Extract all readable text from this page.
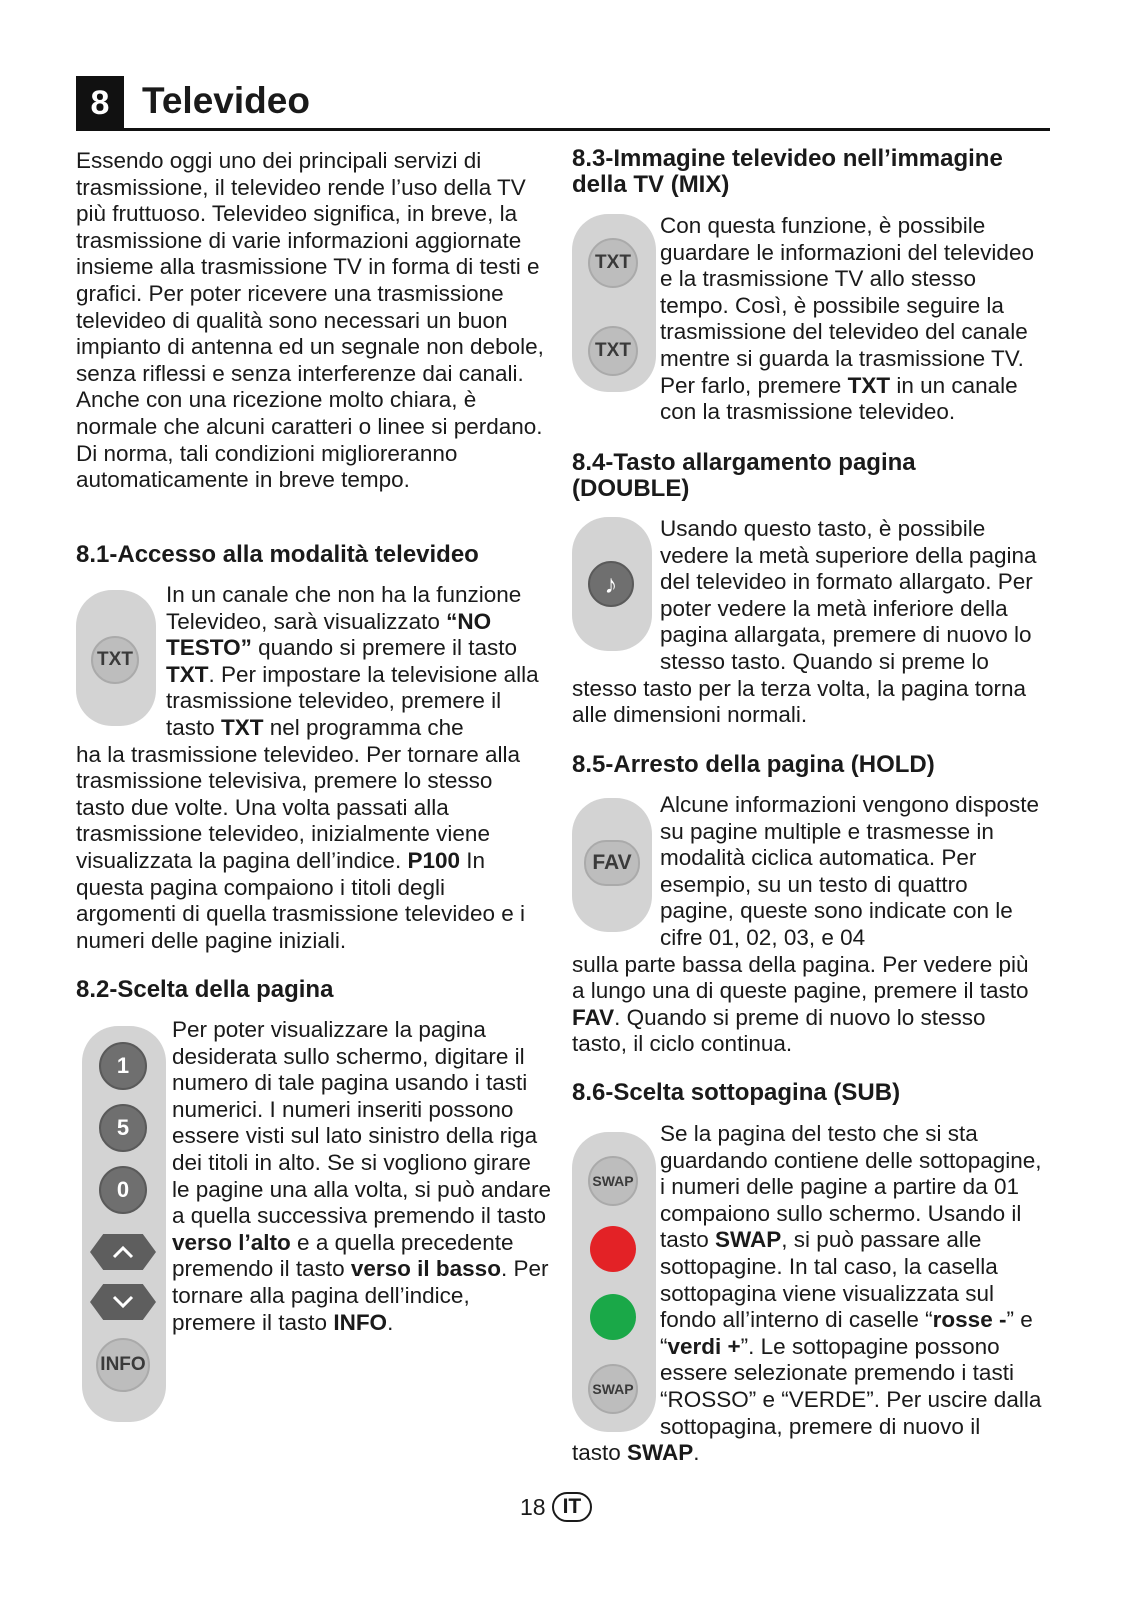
8 Televideo

Essendo oggi uno dei principali servizi di trasmissione, il televideo rende l’uso della TV più fruttuoso. Televideo significa, in breve, la trasmissione di varie informazioni aggiornate insieme alla trasmissione TV in forma di testi e grafici. Per poter ricevere una trasmissione televideo di qualità sono necessari un buon impianto di antenna ed un segnale non debole, senza riflessi e senza interferenze dai canali. Anche con una ricezione molto chiara, è normale che alcuni caratteri o linee si perdano. Di norma, tali condizioni miglioreranno automaticamente in breve tempo.

8.1-Accesso alla modalità televideo
TXT

In un canale che non ha la funzione Televideo, sarà visualizzato “NO TESTO” quando si premere il tasto TXT. Per impostare la televisione alla trasmissione televideo, premere il tasto TXT nel programma che

ha la trasmissione televideo. Per tornare alla trasmissione televisiva, premere lo stesso tasto due volte. Una volta passati alla trasmissione televideo, inizialmente viene visualizzata la pagina dell’indice. P100 In questa pagina compaiono i titoli degli argomenti di quella trasmissione televideo e i numeri delle pagine iniziali.

8.2-Scelta della pagina
1
5
0
INFO

Per poter visualizzare la pagina desiderata sullo schermo, digitare il numero di tale pagina usando i tasti numerici. I numeri inseriti possono essere visti sul lato sinistro della riga dei titoli in alto. Se si vogliono girare le pagine una alla volta, si può andare a quella successiva premendo il tasto verso l’alto e a quella precedente premendo il tasto verso il basso. Per tornare alla pagina dell’indice, premere il tasto INFO.

8.3-Immagine televideo nell’immagine della TV (MIX)
TXT
TXT

Con questa funzione, è possibile guardare le informazioni del televideo e la trasmissione TV allo stesso tempo. Così, è possibile seguire la trasmissione del televideo del canale mentre si guarda la trasmissione TV. Per farlo, premere TXT in un canale con la trasmissione televideo.

8.4-Tasto allargamento pagina (DOUBLE)
♪

Usando questo tasto, è possibile vedere la metà superiore della pagina del televideo in formato allargato. Per poter vedere la metà inferiore della pagina allargata, premere di nuovo lo stesso tasto. Quando si preme lo

stesso tasto per la terza volta, la pagina torna alle dimensioni normali.

8.5-Arresto della pagina (HOLD)
FAV

Alcune informazioni vengono disposte su pagine multiple e trasmesse in modalità ciclica automatica. Per esempio, su un testo di quattro pagine, queste sono indicate con le cifre 01, 02, 03, e 04

sulla parte bassa della pagina. Per vedere più a lungo una di queste pagine, premere il tasto FAV. Quando si preme di nuovo lo stesso tasto, il ciclo continua.

8.6-Scelta sottopagina (SUB)
SWAP
SWAP

Se la pagina del testo che si sta guardando contiene delle sottopagine, i numeri delle pagine a partire da 01 compaiono sullo schermo. Usando il tasto SWAP, si può passare alle sottopagine. In tal caso, la casella sottopagina viene visualizzata sul fondo all’interno di caselle “rosse -” e “verdi +”. Le sottopagine possono essere selezionate premendo i tasti “ROSSO” e “VERDE”. Per uscire dalla sottopagina, premere di nuovo il

tasto SWAP.

18 IT
